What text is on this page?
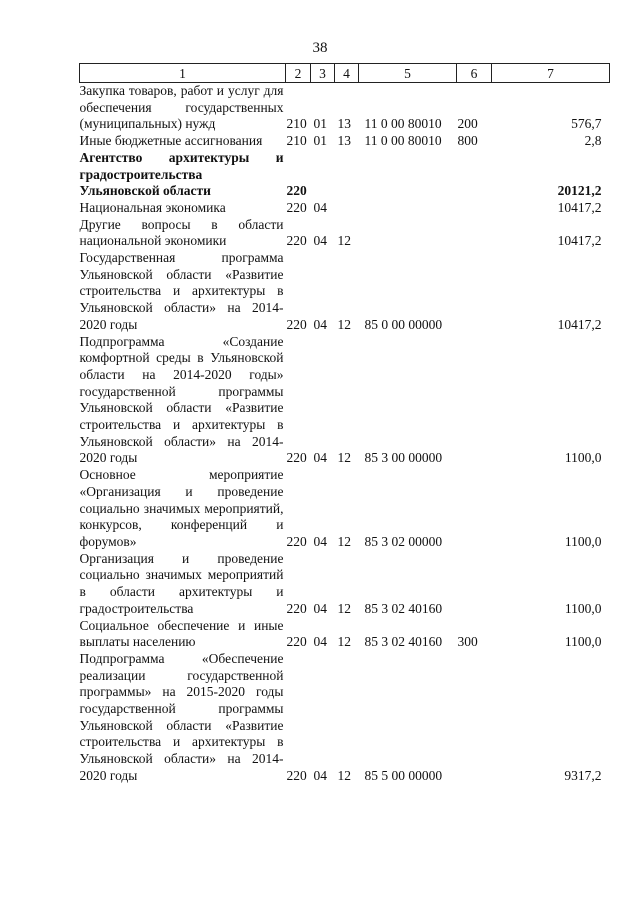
38
1	2	3	4	5	6	7
Закупка товаров, работ и услуг для обеспечения государственных (муниципальных) нужд	210	01	13	11 0 00 80010	200	576,7
Иные бюджетные ассигнования	210	01	13	11 0 00 80010	800	2,8
Агентство архитектуры и градостроительства Ульяновской области	220					20121,2
Национальная экономика	220	04				10417,2
Другие вопросы в области национальной экономики	220	04	12			10417,2
Государственная программа Ульяновской области «Развитие строительства и архитектуры в Ульяновской области» на 2014-2020 годы	220	04	12	85 0 00 00000		10417,2
Подпрограмма «Создание комфортной среды в Ульяновской области на 2014-2020 годы» государственной программы Ульяновской области «Развитие строительства и архитектуры в Ульяновской области» на 2014-2020 годы	220	04	12	85 3 00 00000		1100,0
Основное мероприятие «Организация и проведение социально значимых мероприятий, конкурсов, конференций и форумов»	220	04	12	85 3 02 00000		1100,0
Организация и проведение социально значимых мероприятий в области архитектуры и градостроительства	220	04	12	85 3 02 40160		1100,0
Социальное обеспечение и иные выплаты населению	220	04	12	85 3 02 40160	300	1100,0
Подпрограмма «Обеспечение реализации государственной программы» на 2015-2020 годы государственной программы Ульяновской области «Развитие строительства и архитектуры в Ульяновской области» на 2014-2020 годы	220	04	12	85 5 00 00000		9317,2
